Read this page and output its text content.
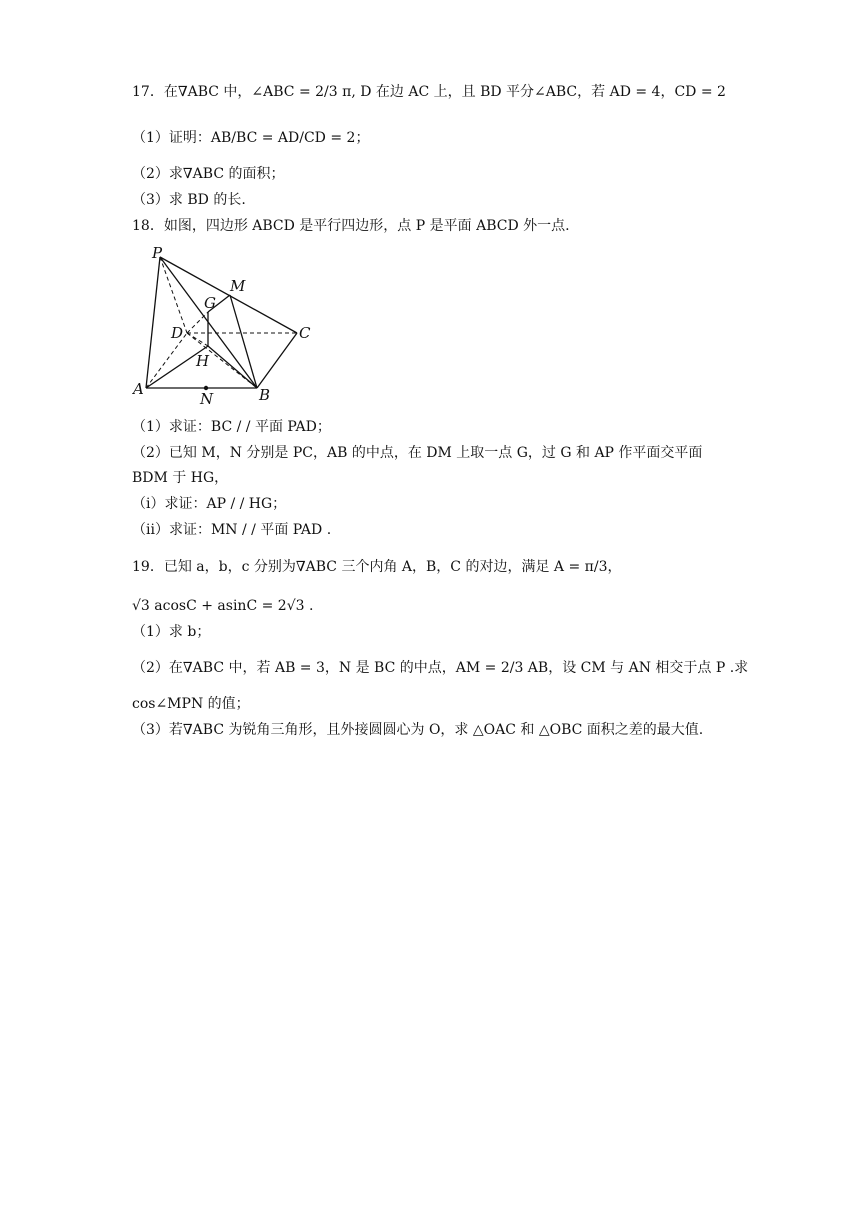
17．在∇ABC 中，∠ABC = 2/3 π, D 在边 AC 上，且 BD 平分∠ABC，若 AD = 4，CD = 2
（1）证明：AB/BC = AD/CD = 2；
（2）求∇ABC 的面积；
（3）求 BD 的长.
18．如图，四边形 ABCD 是平行四边形，点 P 是平面 ABCD 外一点.
P
M
G
D	C
H
A
N	B
（1）求证：BC / / 平面 PAD；
（2）已知 M，N 分别是 PC，AB 的中点，在 DM 上取一点 G，过 G 和 AP 作平面交平面
BDM 于 HG，
（i）求证：AP / / HG；
（ii）求证：MN / / 平面 PAD .
19．已知 a，b，c 分别为∇ABC 三个内角 A，B，C 的对边，满足 A = π/3，
√3 acosC + asinC = 2√3 .
（1）求 b；
（2）在∇ABC 中，若 AB = 3，N 是 BC 的中点，AM = 2/3 AB，设 CM 与 AN 相交于点 P .求
cos∠MPN 的值；
（3）若∇ABC 为锐角三角形，且外接圆圆心为 O，求 △OAC 和 △OBC 面积之差的最大值.
